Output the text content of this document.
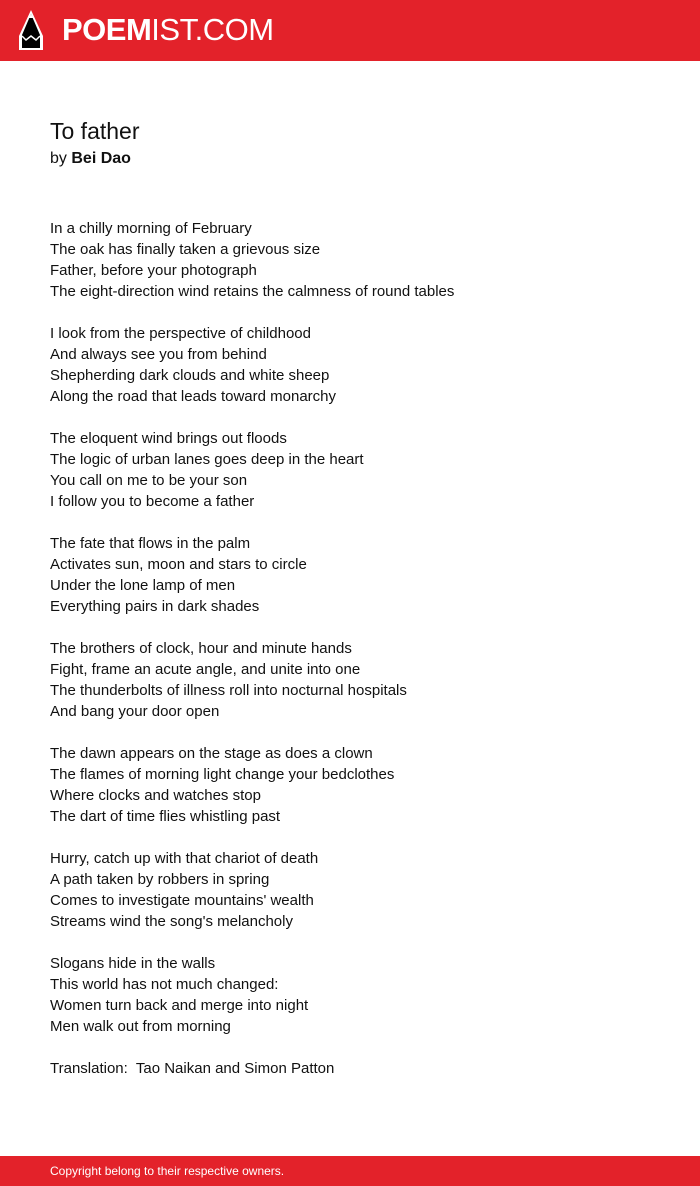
POEMIST.COM
To father
by Bei Dao
In a chilly morning of February
The oak has finally taken a grievous size
Father, before your photograph
The eight-direction wind retains the calmness of round tables
I look from the perspective of childhood
And always see you from behind
Shepherding dark clouds and white sheep
Along the road that leads toward monarchy
The eloquent wind brings out floods
The logic of urban lanes goes deep in the heart
You call on me to be your son
I follow you to become a father
The fate that flows in the palm
Activates sun, moon and stars to circle
Under the lone lamp of men
Everything pairs in dark shades
The brothers of clock, hour and minute hands
Fight, frame an acute angle, and unite into one
The thunderbolts of illness roll into nocturnal hospitals
And bang your door open
The dawn appears on the stage as does a clown
The flames of morning light change your bedclothes
Where clocks and watches stop
The dart of time flies whistling past
Hurry, catch up with that chariot of death
A path taken by robbers in spring
Comes to investigate mountains' wealth
Streams wind the song's melancholy
Slogans hide in the walls
This world has not much changed:
Women turn back and merge into night
Men walk out from morning
Translation:  Tao Naikan and Simon Patton
Copyright belong to their respective owners.
